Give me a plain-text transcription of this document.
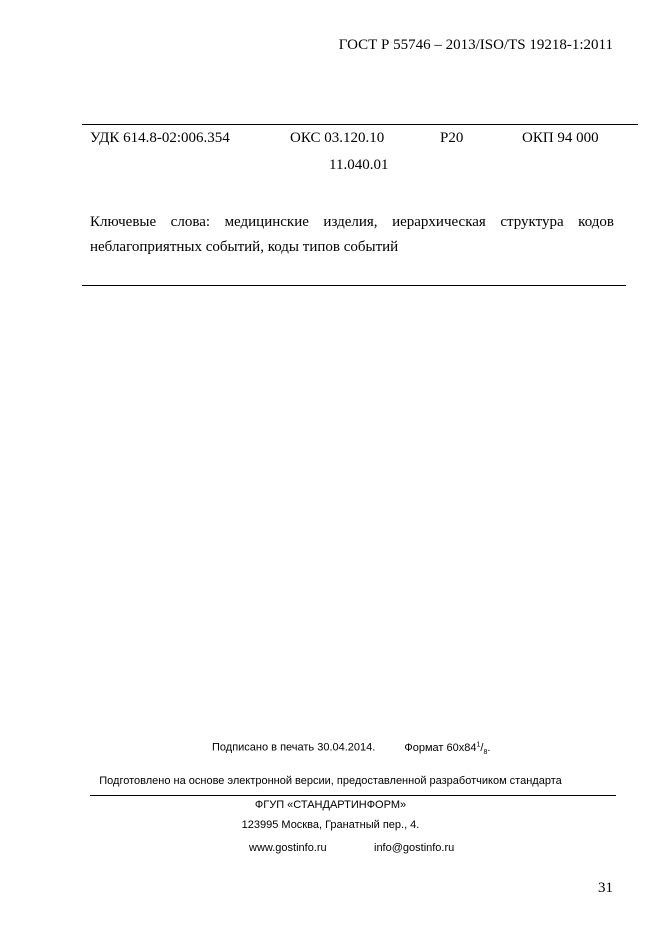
ГОСТ Р 55746 – 2013/ISO/TS 19218-1:2011
УДК 614.8-02:006.354	ОКС 03.120.10	Р20	ОКП 94 000
11.040.01
Ключевые слова: медицинские изделия, иерархическая структура кодов
неблагоприятных событий, коды типов событий
Подписано в печать 30.04.2014.	Формат $60х84^1/_8$.
Подготовлено на основе электронной версии, предоставленной разработчиком стандарта
ФГУП «СТАНДАРТИНФОРМ»
123995 Москва, Гранатный пер., 4.
www.gostinfo.ru	info@gostinfo.ru
31
